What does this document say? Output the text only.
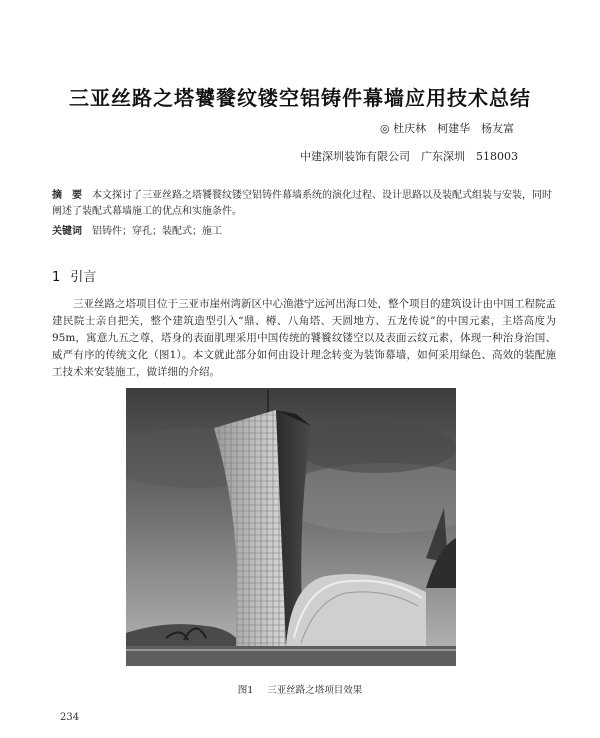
三亚丝路之塔饕餮纹镂空铝铸件幕墙应用技术总结
◎ 杜庆林　柯建华　杨友富
中建深圳装饰有限公司　广东深圳　518003
摘　要 本文探讨了三亚丝路之塔饕餮纹镂空铝铸件幕墙系统的演化过程、设计思路以及装配式组装与安装，同时阐述了装配式幕墙施工的优点和实施条件。
关键词 铝铸件；穿孔；装配式；施工
1 引言
三亚丝路之塔项目位于三亚市崖州湾新区中心渔港宁远河出海口处，整个项目的建筑设计由中国工程院孟建民院士亲自把关，整个建筑造型引入“鼎、樽、八角塔、天圆地方、五龙传说”的中国元素，主塔高度为95m，寓意九五之尊，塔身的表面肌理采用中国传统的饕餮纹镂空以及表面云纹元素，体现一种治身治国、威严有序的传统文化（图1）。本文就此部分如何由设计理念转变为装饰幕墙，如何采用绿色、高效的装配施工技术来安装施工，做详细的介绍。
图1 三亚丝路之塔项目效果
234
